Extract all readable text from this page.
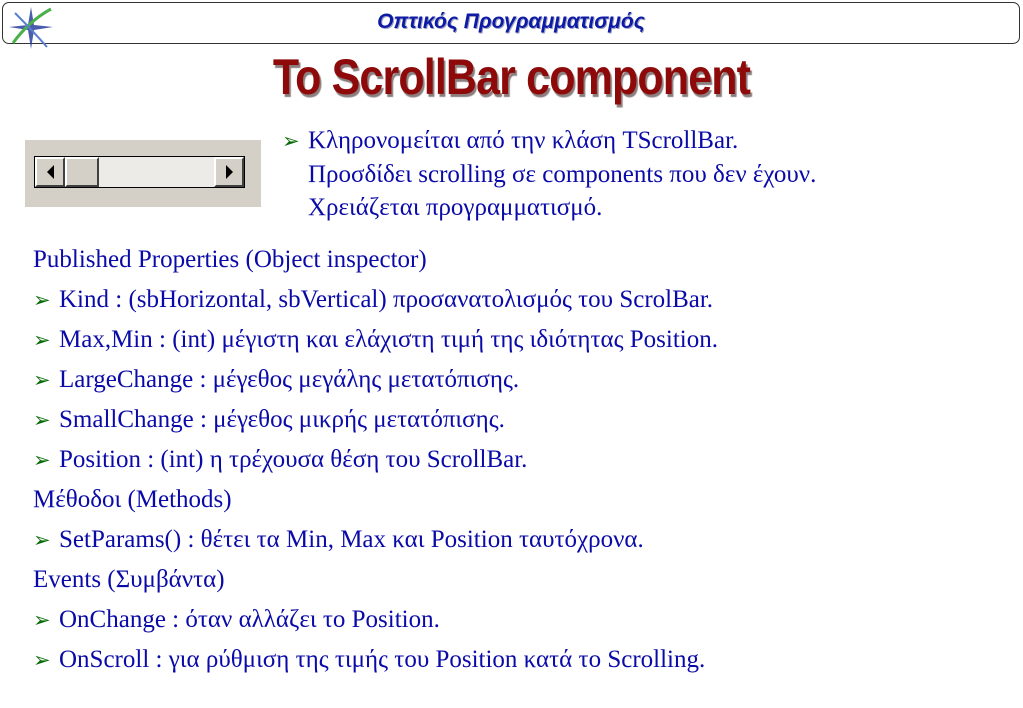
Οπτικός Προγραμματισμός
To ScrollBar component
➢ Κληρονομείται από την κλάση TScrollBar.
Προσδίδει scrolling σε components που δεν έχουν.
Χρειάζεται προγραμματισμό.
Published Properties (Object inspector)
➢ Kind : (sbHorizontal, sbVertical) προσανατολισμός του ScrolBar.
➢ Max,Min : (int) μέγιστη και ελάχιστη τιμή της ιδιότητας Position.
➢ LargeChange : μέγεθος μεγάλης μετατόπισης.
➢ SmallChange : μέγεθος μικρής μετατόπισης.
➢ Position : (int) η τρέχουσα θέση του ScrollBar.
Μέθοδοι (Methods)
➢ SetParams() : θέτει τα Min, Max και Position ταυτόχρονα.
Events (Συμβάντα)
➢ OnChange : όταν αλλάζει το Position.
➢ OnScroll : για ρύθμιση της τιμής του Position κατά το Scrolling.
